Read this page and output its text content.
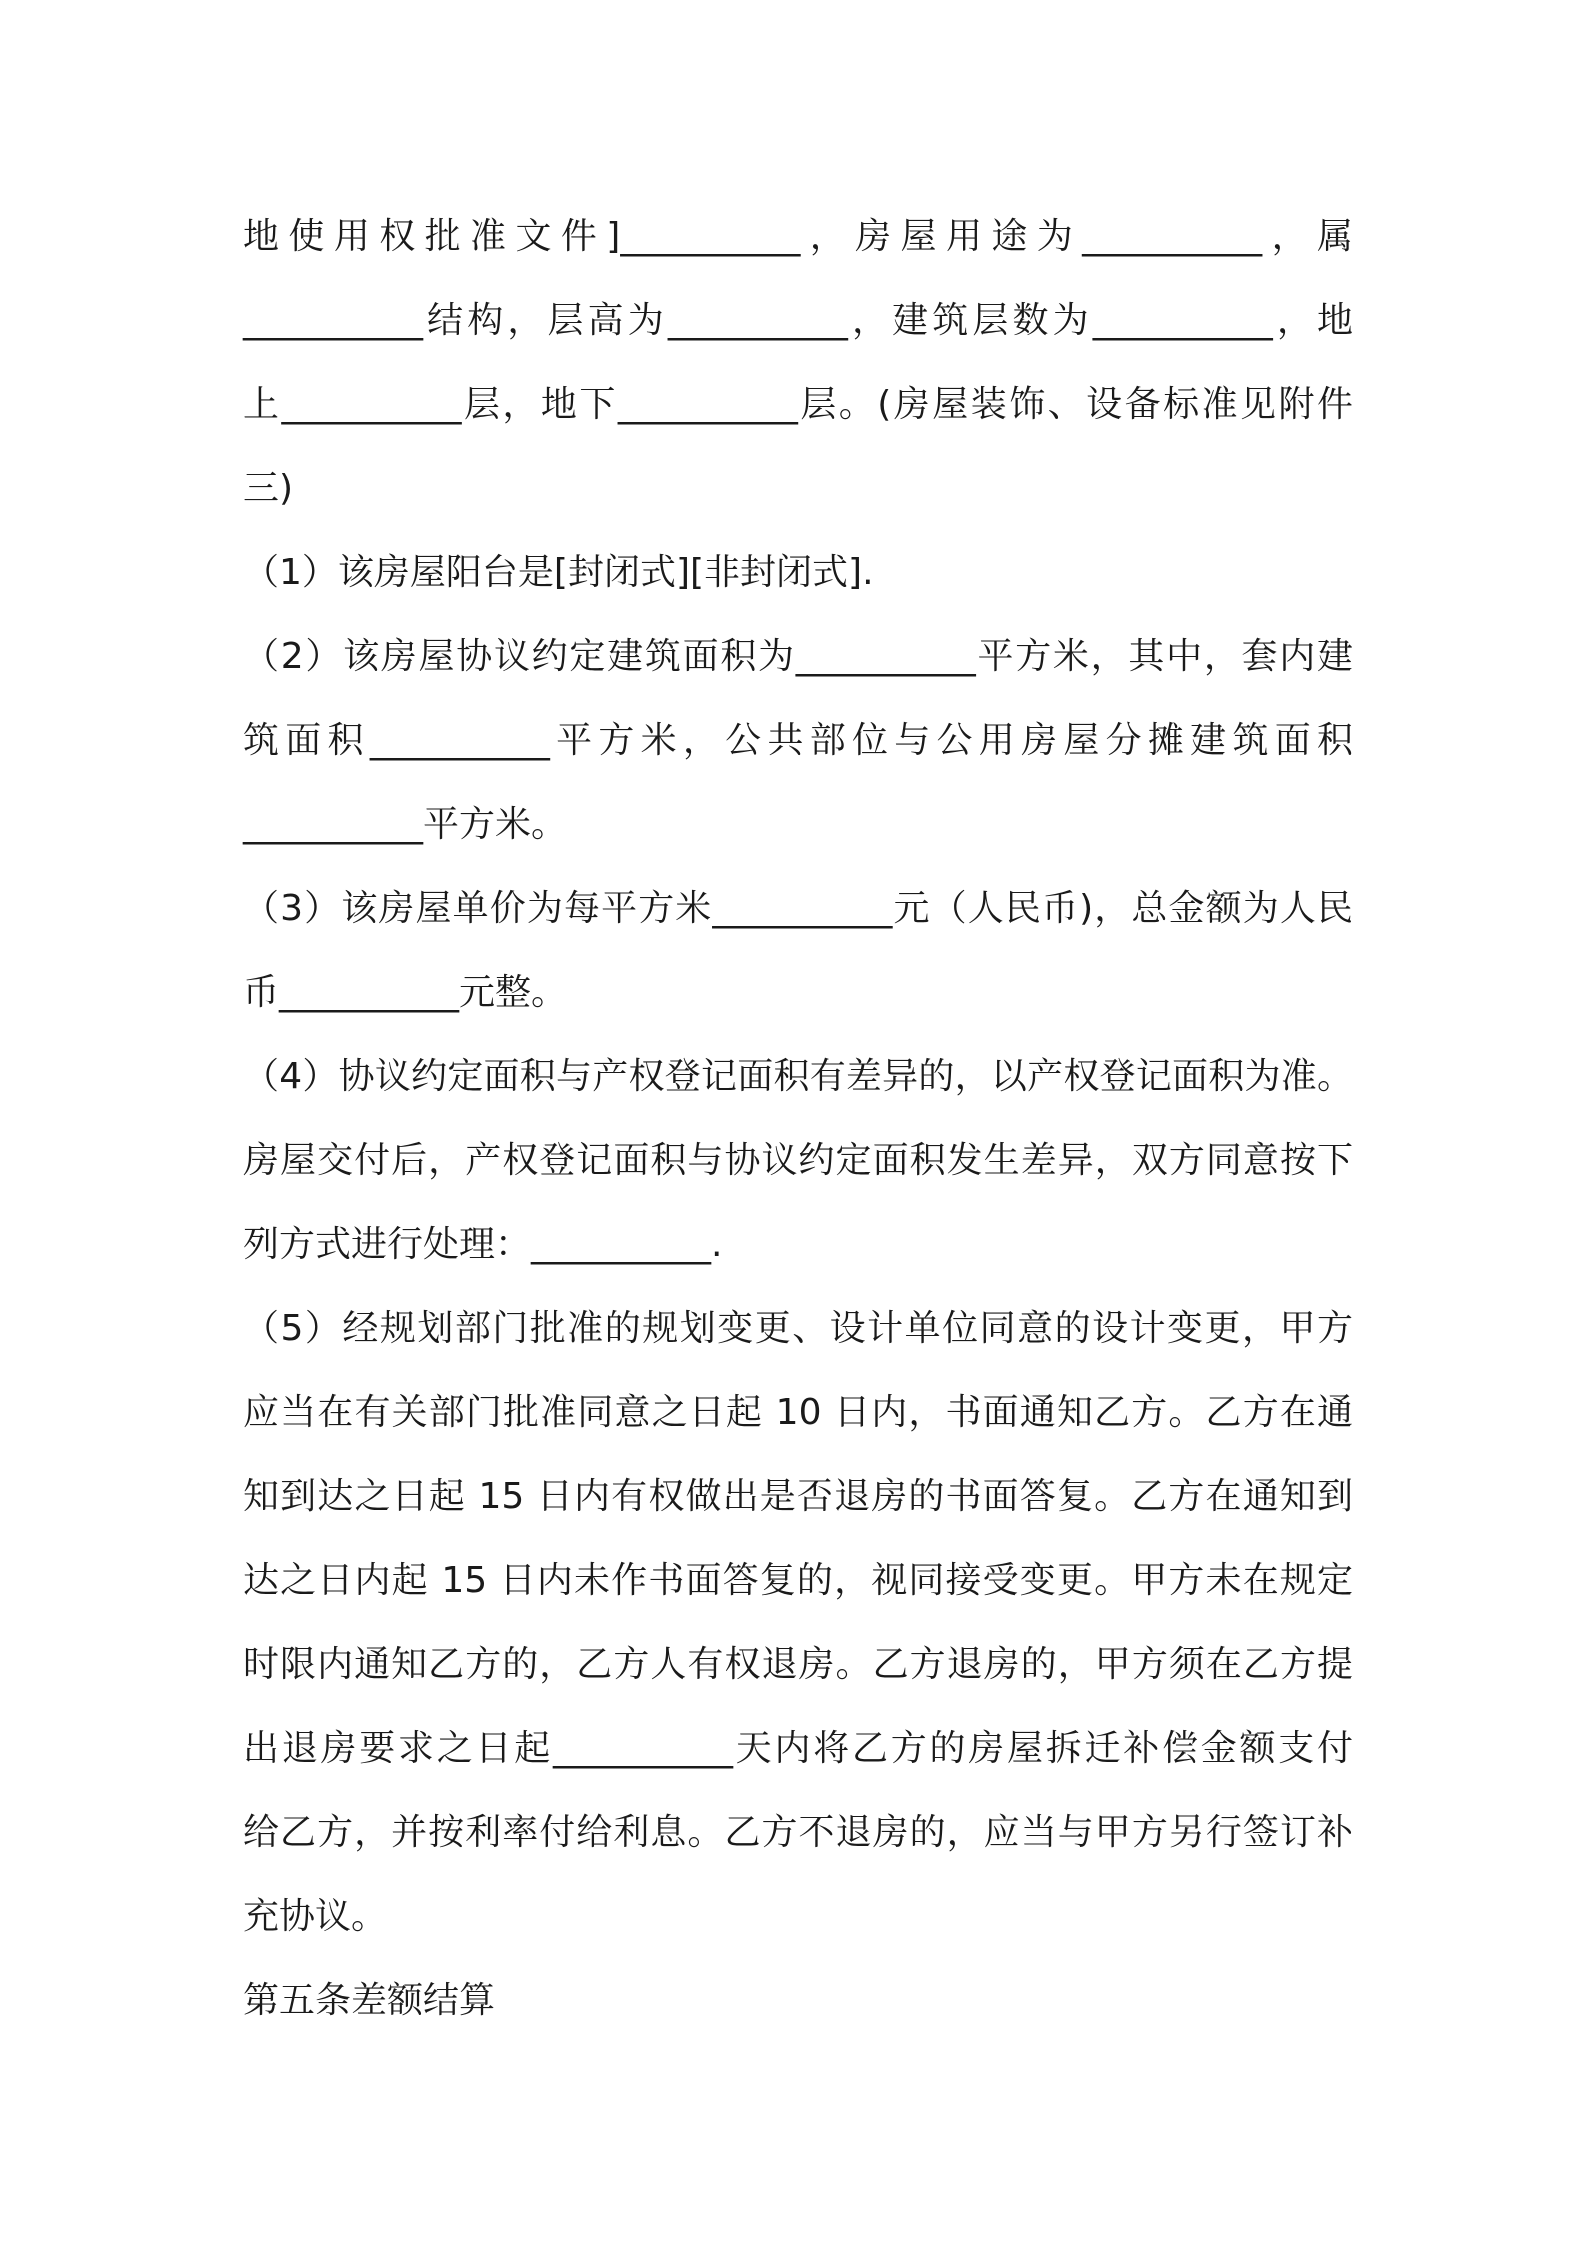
地使用权批准文件]__________，房屋用途为__________，属
__________结构，层高为__________，建筑层数为__________，地
上__________层，地下__________层。(房屋装饰、设备标准见附件
三)
（1）该房屋阳台是[封闭式][非封闭式].
（2）该房屋协议约定建筑面积为__________平方米，其中，套内建
筑面积__________平方米，公共部位与公用房屋分摊建筑面积
__________平方米。
（3）该房屋单价为每平方米__________元（人民币)，总金额为人民
币__________元整。
（4）协议约定面积与产权登记面积有差异的，以产权登记面积为准。
房屋交付后，产权登记面积与协议约定面积发生差异，双方同意按下
列方式进行处理：__________.
（5）经规划部门批准的规划变更、设计单位同意的设计变更，甲方
应当在有关部门批准同意之日起 10 日内，书面通知乙方。乙方在通
知到达之日起 15 日内有权做出是否退房的书面答复。乙方在通知到
达之日内起 15 日内未作书面答复的，视同接受变更。甲方未在规定
时限内通知乙方的，乙方人有权退房。乙方退房的，甲方须在乙方提
出退房要求之日起__________天内将乙方的房屋拆迁补偿金额支付
给乙方，并按利率付给利息。乙方不退房的，应当与甲方另行签订补
充协议。
第五条差额结算
